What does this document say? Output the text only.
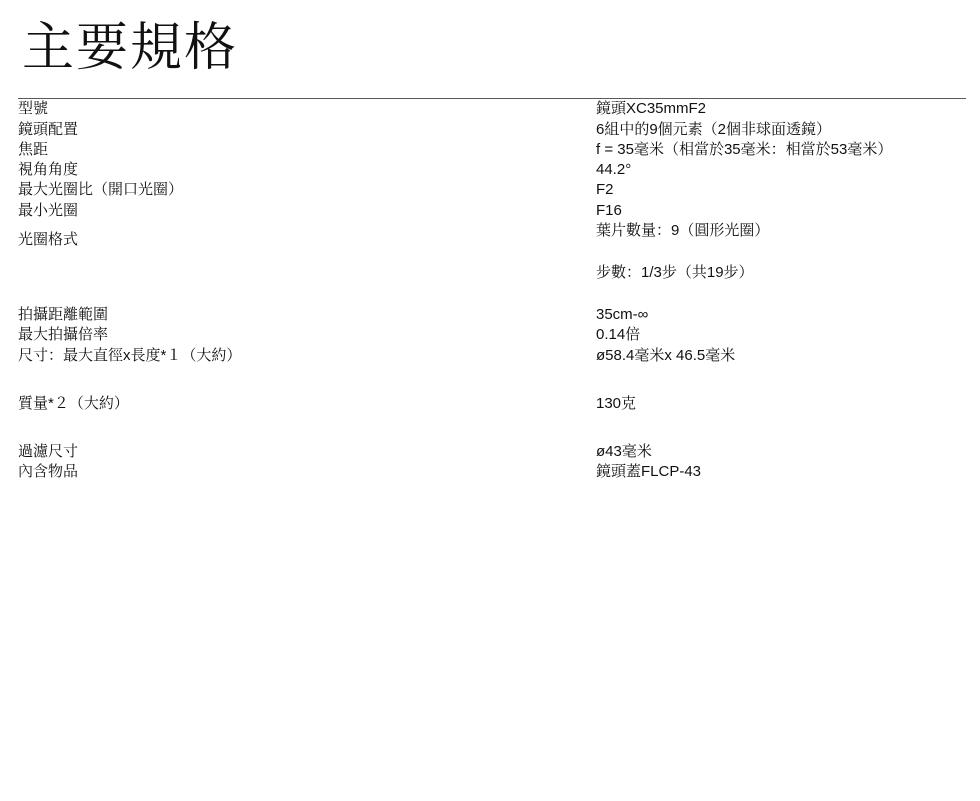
主要規格
型號	鏡頭XC35mmF2
鏡頭配置	6組中的9個元素（2個非球面透鏡）
焦距	f = 35毫米（相當於35毫米：相當於53毫米）
視角角度	44.2°
最大光圈比（開口光圈）	F2
最小光圈	F16
光圈格式	葉片數量：9（圓形光圈）
	步數：1/3步（共19步）
拍攝距離範圍	35cm-∞
最大拍攝倍率	0.14倍
尺寸：最大直徑x長度*１（大約）	ø58.4毫米x 46.5毫米
質量*２（大約）	130克
過濾尺寸	ø43毫米
內含物品	鏡頭蓋FLCP-43
